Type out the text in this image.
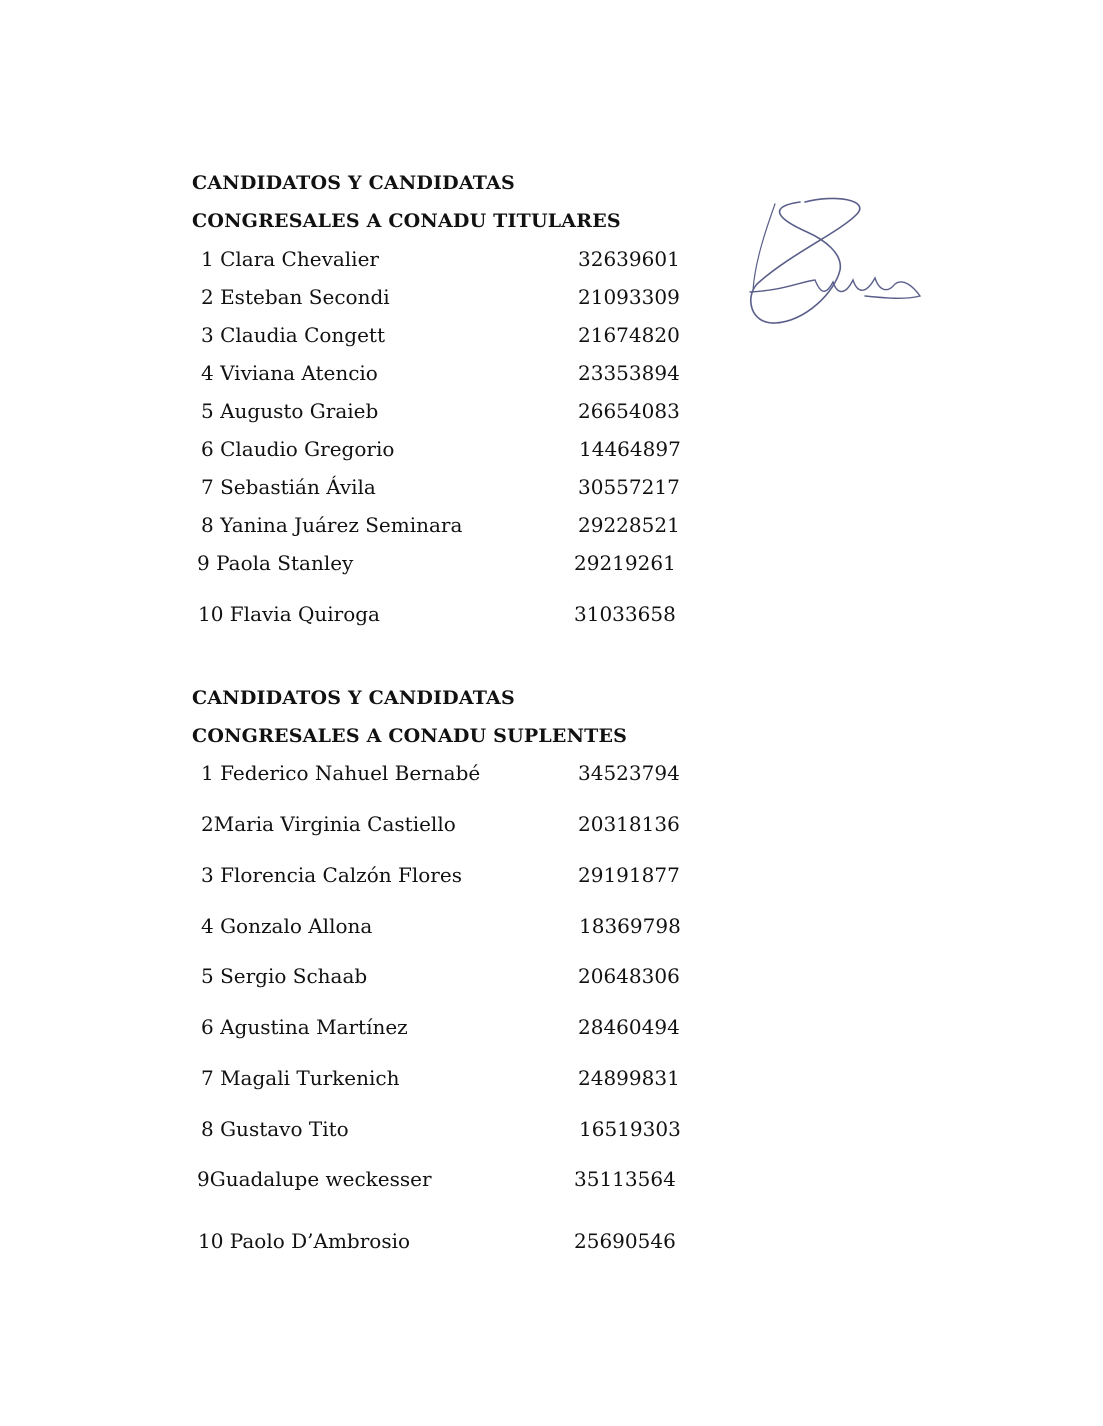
CANDIDATOS Y CANDIDATAS
CONGRESALES A CONADU TITULARES
1 Clara Chevalier	32639601
2 Esteban Secondi	21093309
3 Claudia Congett	21674820
4 Viviana Atencio	23353894
5 Augusto Graieb	26654083
6 Claudio Gregorio	14464897
7 Sebastián Ávila	30557217
8 Yanina Juárez Seminara	29228521
9 Paola Stanley	29219261
10 Flavia Quiroga	31033658
CANDIDATOS Y CANDIDATAS
CONGRESALES A CONADU SUPLENTES
1 Federico Nahuel Bernabé	34523794
2Maria Virginia Castiello	20318136
3 Florencia Calzón Flores	29191877
4 Gonzalo Allona	18369798
5 Sergio Schaab	20648306
6 Agustina Martínez	28460494
7 Magali Turkenich	24899831
8 Gustavo Tito	16519303
9Guadalupe weckesser	35113564
10 Paolo D’Ambrosio	25690546
